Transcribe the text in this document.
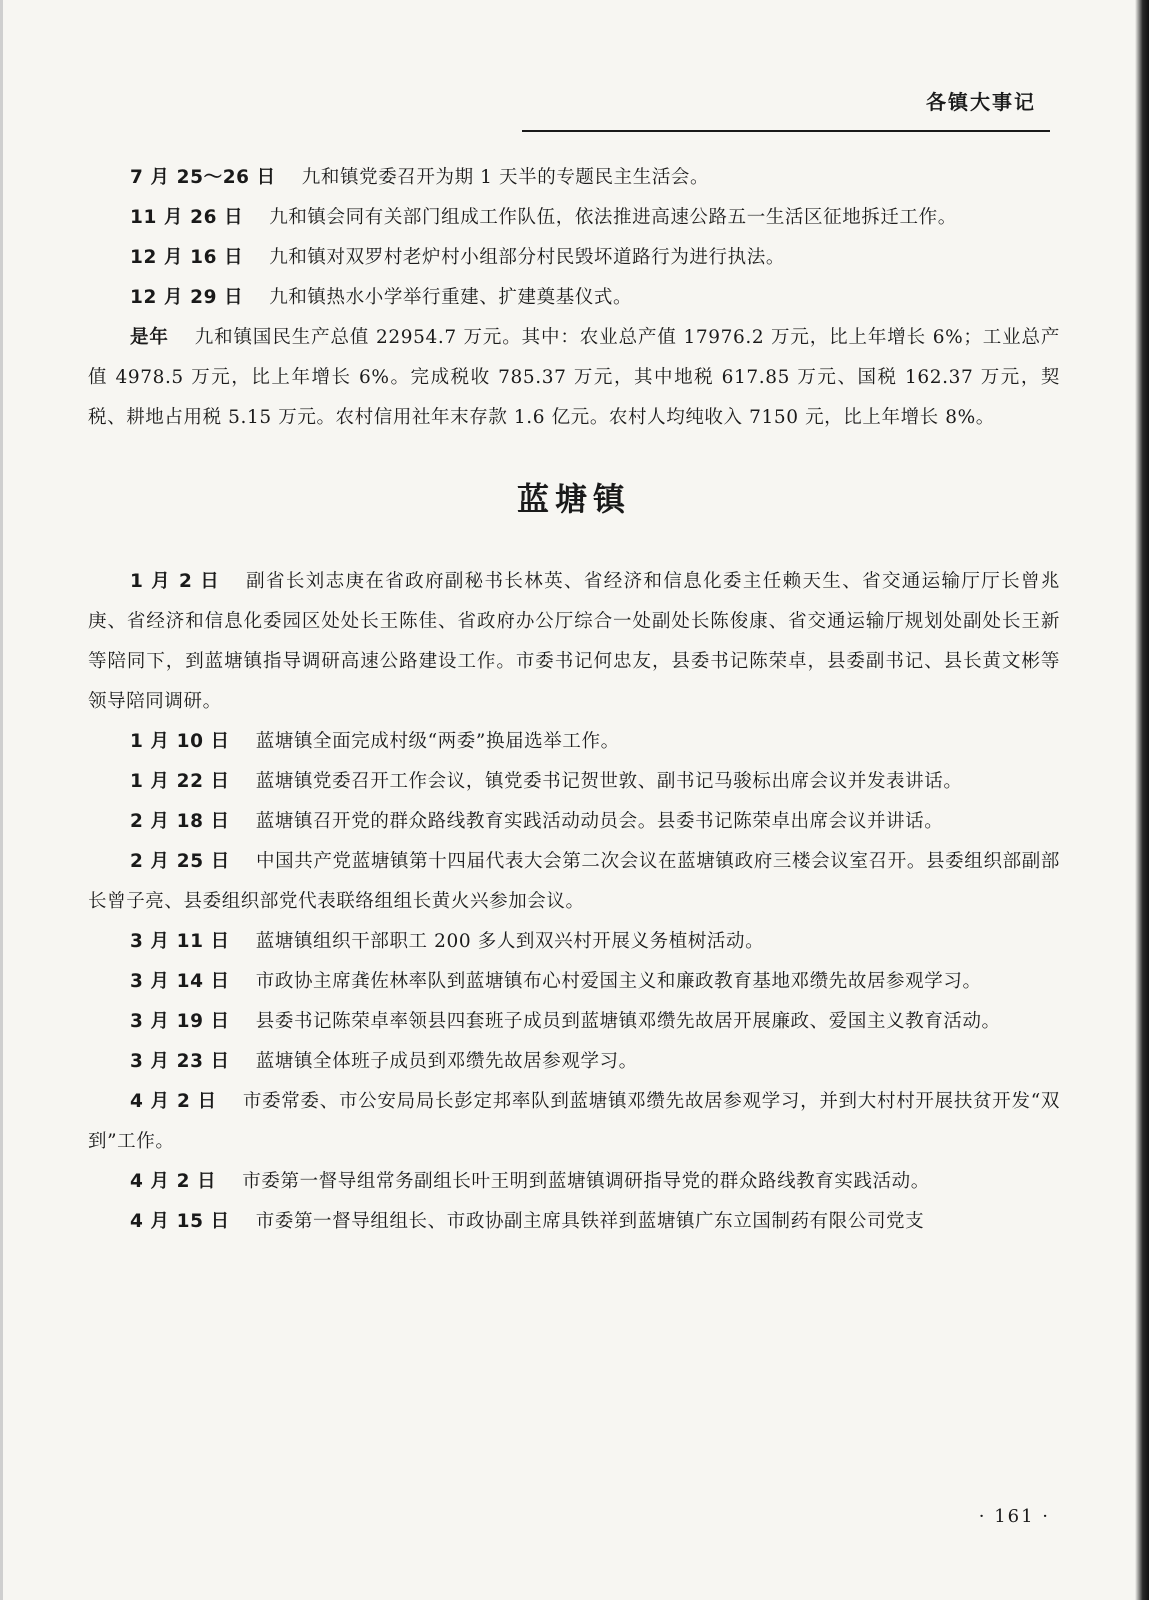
各镇大事记

7 月 25～26 日 九和镇党委召开为期 1 天半的专题民主生活会。

11 月 26 日 九和镇会同有关部门组成工作队伍，依法推进高速公路五一生活区征地拆迁工作。

12 月 16 日 九和镇对双罗村老炉村小组部分村民毁坏道路行为进行执法。

12 月 29 日 九和镇热水小学举行重建、扩建奠基仪式。

是年 九和镇国民生产总值 22954.7 万元。其中：农业总产值 17976.2 万元，比上年增长 6%；工业总产值 4978.5 万元，比上年增长 6%。完成税收 785.37 万元，其中地税 617.85 万元、国税 162.37 万元，契税、耕地占用税 5.15 万元。农村信用社年末存款 1.6 亿元。农村人均纯收入 7150 元，比上年增长 8%。

蓝塘镇

1 月 2 日 副省长刘志庚在省政府副秘书长林英、省经济和信息化委主任赖天生、省交通运输厅厅长曾兆庚、省经济和信息化委园区处处长王陈佳、省政府办公厅综合一处副处长陈俊康、省交通运输厅规划处副处长王新等陪同下，到蓝塘镇指导调研高速公路建设工作。市委书记何忠友，县委书记陈荣卓，县委副书记、县长黄文彬等领导陪同调研。

1 月 10 日 蓝塘镇全面完成村级“两委”换届选举工作。

1 月 22 日 蓝塘镇党委召开工作会议，镇党委书记贺世敦、副书记马骏标出席会议并发表讲话。

2 月 18 日 蓝塘镇召开党的群众路线教育实践活动动员会。县委书记陈荣卓出席会议并讲话。

2 月 25 日 中国共产党蓝塘镇第十四届代表大会第二次会议在蓝塘镇政府三楼会议室召开。县委组织部副部长曾子亮、县委组织部党代表联络组组长黄火兴参加会议。

3 月 11 日 蓝塘镇组织干部职工 200 多人到双兴村开展义务植树活动。

3 月 14 日 市政协主席龚佐林率队到蓝塘镇布心村爱国主义和廉政教育基地邓缵先故居参观学习。

3 月 19 日 县委书记陈荣卓率领县四套班子成员到蓝塘镇邓缵先故居开展廉政、爱国主义教育活动。

3 月 23 日 蓝塘镇全体班子成员到邓缵先故居参观学习。

4 月 2 日 市委常委、市公安局局长彭定邦率队到蓝塘镇邓缵先故居参观学习，并到大村村开展扶贫开发“双到”工作。

4 月 2 日 市委第一督导组常务副组长叶王明到蓝塘镇调研指导党的群众路线教育实践活动。

4 月 15 日 市委第一督导组组长、市政协副主席具铁祥到蓝塘镇广东立国制药有限公司党支

· 161 ·
